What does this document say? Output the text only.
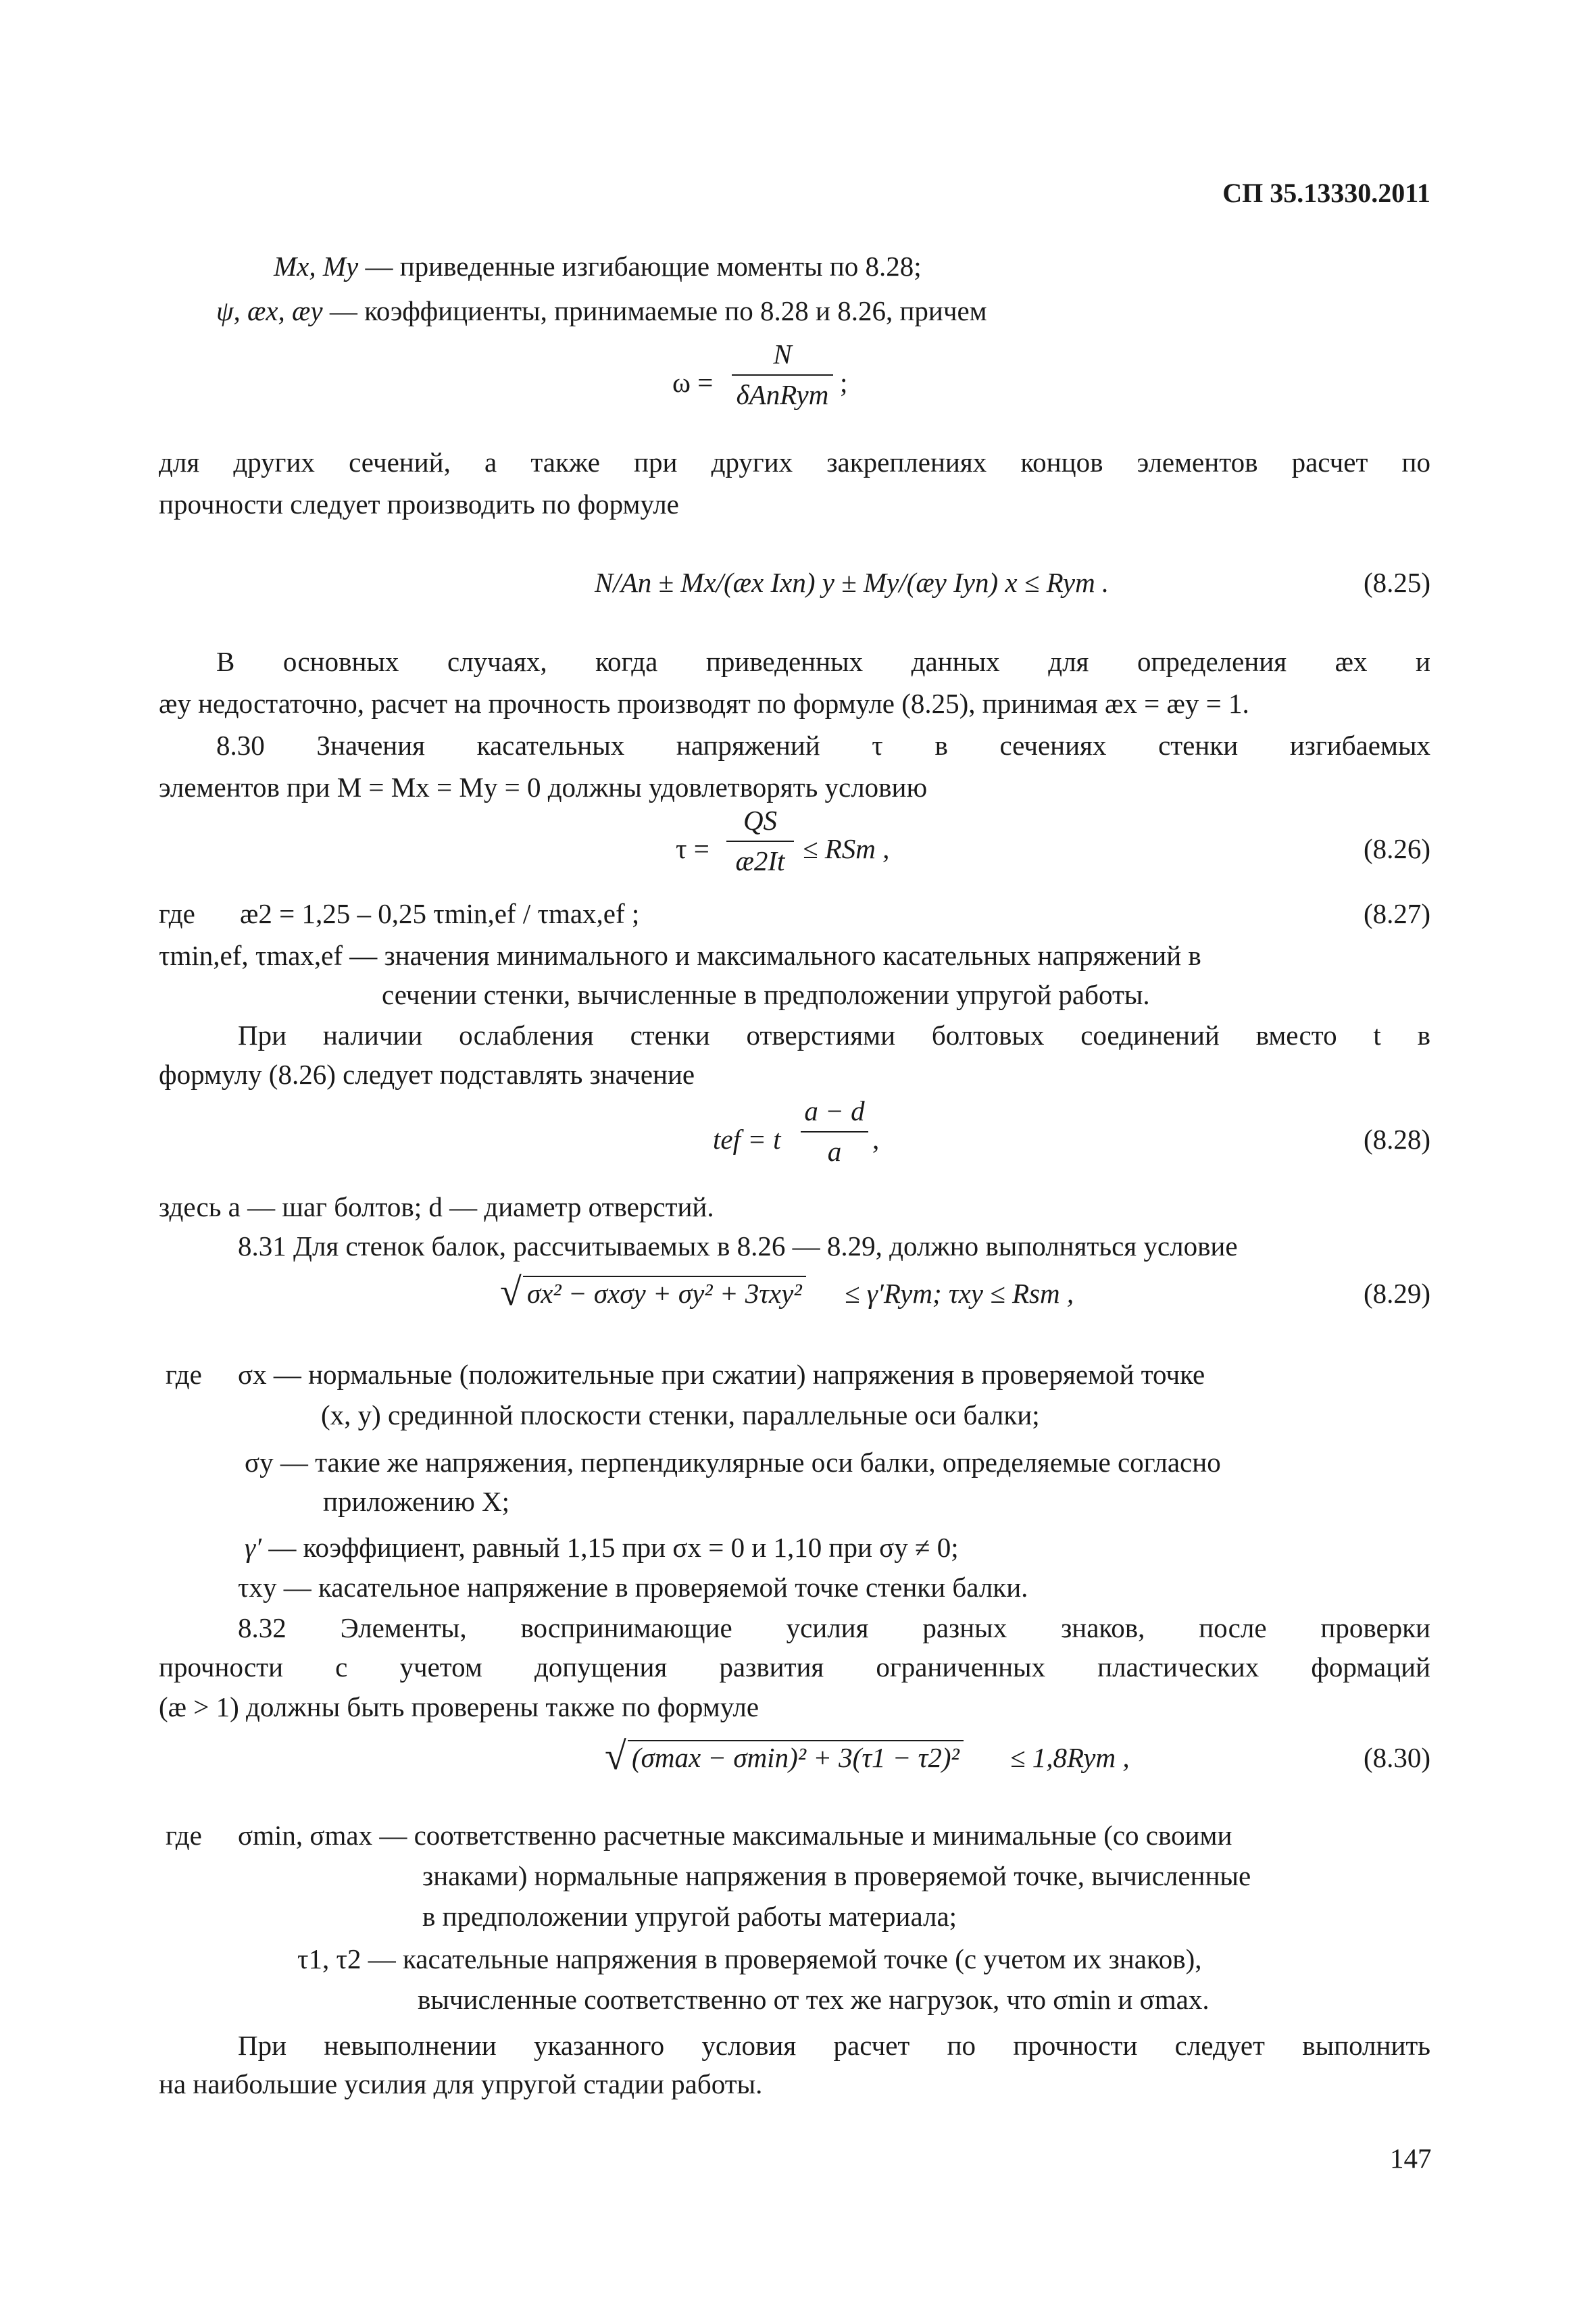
СП 35.13330.2011
Mx, My — приведенные изгибающие моменты по 8.28;
ψ, æx, æy — коэффициенты, принимаемые по 8.28 и 8.26, причем
ω =
N
δAnRym ;
для других сечений, а также при других закреплениях концов элементов расчет по
прочности следует производить по формуле
N/An ± Mx/(æx Ixn) y ± My/(æy Iyn) x ≤ Rym .	(8.25)
В основных случаях, когда приведенных данных для определения æx и
æy недостаточно, расчет на прочность производят по формуле (8.25), принимая æx = æy = 1.
8.30 Значения касательных напряжений τ в сечениях стенки изгибаемых
элементов при M = Mx = My = 0 должны удовлетворять условию
$\tau = \frac{QS}{æ2It}$ ≤ RSm ,	(8.26)
где æ2 = 1,25 – 0,25 τmin,ef / τmax,ef ;	(8.27)
τmin,ef, τmax,ef — значения минимального и максимального касательных напряжений в
сечении стенки, вычисленные в предположении упругой работы.
При наличии ослабления стенки отверстиями болтовых соединений вместо t в
формулу (8.26) следует подставлять значение
tef = t $\frac{a - d}{a}$ ,	(8.28)
здесь a — шаг болтов; d — диаметр отверстий.
8.31 Для стенок балок, рассчитываемых в 8.26 — 8.29, должно выполняться условие
√ σx² − σxσy + σy² + 3τxy² ≤ γ′Rym; τxy ≤ Rsm ,	(8.29)
где σx — нормальные (положительные при сжатии) напряжения в проверяемой точке
(x, y) срединной плоскости стенки, параллельные оси балки;
σy — такие же напряжения, перпендикулярные оси балки, определяемые согласно
приложению X;
γ′ — коэффициент, равный 1,15 при σx = 0 и 1,10 при σy ≠ 0;
τxy — касательное напряжение в проверяемой точке стенки балки.
8.32 Элементы, воспринимающие усилия разных знаков, после проверки
прочности с учетом допущения развития ограниченных пластических формаций
(æ > 1) должны быть проверены также по формуле
√ (σmax − σmin)² + 3(τ1 − τ2)² ≤ 1,8Rym ,	(8.30)
где σmin, σmax — соответственно расчетные максимальные и минимальные (со своими
знаками) нормальные напряжения в проверяемой точке, вычисленные
в предположении упругой работы материала;
τ1, τ2 — касательные напряжения в проверяемой точке (с учетом их знаков),
вычисленные соответственно от тех же нагрузок, что σmin и σmax.
При невыполнении указанного условия расчет по прочности следует выполнить
на наибольшие усилия для упругой стадии работы.
147
